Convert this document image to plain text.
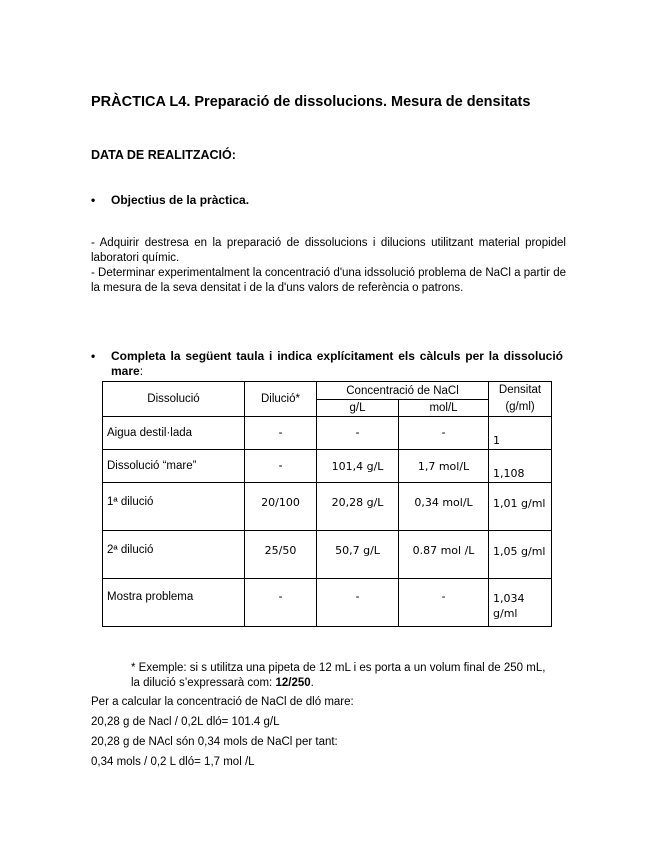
PRÀCTICA L4. Preparació de dissolucions. Mesura de densitats
DATA DE REALITZACIÓ:
• Objectius de la pràctica.
- Adquirir destresa en la preparació de dissolucions i dilucions utilitzant material propidel laboratori químic.
- Determinar experimentalment la concentració d'una idssolució problema de NaCl a partir de la mesura de la seva densitat i de la d'uns valors de referència o patrons.
• Completa la següent taula i indica explícitament els càlculs per la dissolució mare:
Dissolució	Dilució*	Concentració de NaCl		Densitat
(g/ml)
		g/L	mol/L	
Aigua destil·lada	-	-	-	1
Dissolució “mare”	-	101,4 g/L	1,7 mol/L	1,108
1ª dilució	20/100	20,28 g/L	0,34 mol/L	1,01 g/ml
2ª dilució	25/50	50,7 g/L	0.87 mol /L	1,05 g/ml
Mostra problema	-	-	-	1,034 g/ml
* Exemple: si s utilitza una pipeta de 12 mL i es porta a un volum final de 250 mL,
la dilució s’expressarà com: 12/250.
Per a calcular la concentració de NaCl de dló mare:
20,28 g de Nacl / 0,2L dló= 101.4 g/L
20,28 g de NAcl són 0,34 mols de NaCl per tant:
0,34 mols / 0,2 L dló= 1,7 mol /L
